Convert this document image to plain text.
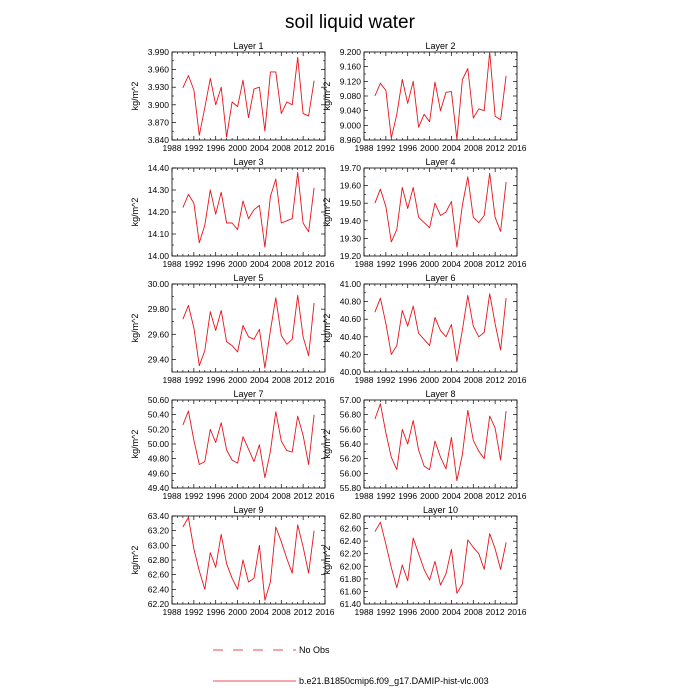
soil liquid water
Layer 1
kg/m^2
1988 1992 1996 2000 2004 2008 2012 2016
3.840
3.870
3.900
3.930
3.960
3.990
Layer 2
kg/m^2
1988 1992 1996 2000 2004 2008 2012 2016
8.960
9.000
9.040
9.080
9.120
9.160
9.200
Layer 3
kg/m^2
1988 1992 1996 2000 2004 2008 2012 2016
14.00
14.10
14.20
14.30
14.40
Layer 4
kg/m^2
1988 1992 1996 2000 2004 2008 2012 2016
19.20
19.30
19.40
19.50
19.60
19.70
Layer 5
kg/m^2
1988 1992 1996 2000 2004 2008 2012 2016
29.40
29.60
29.80
30.00
Layer 6
kg/m^2
1988 1992 1996 2000 2004 2008 2012 2016
40.00
40.20
40.40
40.60
40.80
41.00
Layer 7
kg/m^2
1988 1992 1996 2000 2004 2008 2012 2016
49.40
49.60
49.80
50.00
50.20
50.40
50.60
Layer 8
kg/m^2
1988 1992 1996 2000 2004 2008 2012 2016
55.80
56.00
56.20
56.40
56.60
56.80
57.00
Layer 9
kg/m^2
1988 1992 1996 2000 2004 2008 2012 2016
62.20
62.40
62.60
62.80
63.00
63.20
63.40
Layer 10
kg/m^2
1988 1992 1996 2000 2004 2008 2012 2016
61.40
61.60
61.80
62.00
62.20
62.40
62.60
62.80
No Obs
b.e21.B1850cmip6.f09_g17.DAMIP-hist-vlc.003
